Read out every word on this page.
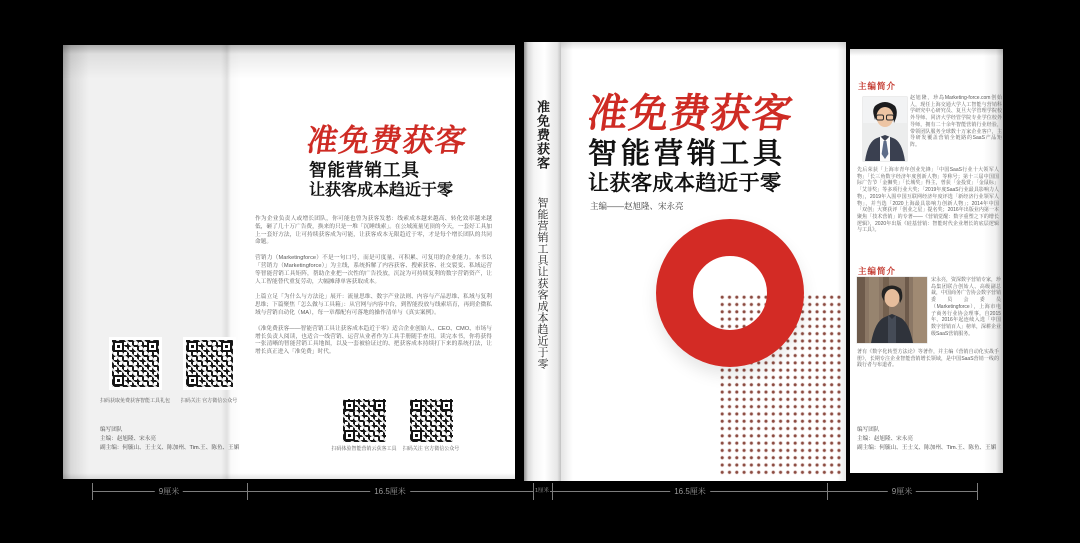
扫码获取免费获客智能工具礼包 扫码关注 官方微信公众号
编写团队
主编：赵旭隆、宋永亮
副主编：何毓山、王士义、陈加州、Tim.王、陈鱼、王媚
准免费获客
智能营销工具
让获客成本趋近于零

作为企业负责人或增长团队，你可能也曾为获客发愁：线索成本越来越高、转化效率越来越低，砸了几十万广告费，换来的只是一堆「沉睡线索」。在公域流量见顶的今天，一套好工具加上一套好方法，让可持续获客成为可能，让获客成本无限趋近于零，才是每个增长团队的共同命题。

营销力（Marketingforce）不是一句口号，而是可度量、可积累、可复用的企业能力。本书以「营销力（Marketingforce）」为主线，系统拆解了内容获客、搜索获客、社交裂变、私域运营等智能营销工具矩阵，帮助企业把一次性的广告投放，沉淀为可持续复利的数字营销资产，让人工智能替代重复劳动，大幅摊薄单客获取成本。

上篇立足「为什么与方法论」展开：流量思维、数字产业法则、内容与产品思维、私域与复利思维；下篇聚焦「怎么做与工具箱」：从官网与内容中台，到智能投放与线索培育，再到企微私域与营销自动化（MA），每一章都配有可落地的操作清单与《真实案例》。

《准免费获客——智能营销工具让获客成本趋近于零》适合企业创始人、CEO、CMO、市场与增长负责人阅读，也适合一线营销、运营从业者作为工具手册随手查用。读完本书，你将获得一张清晰的智能营销工具地图，以及一套被验证过的、把获客成本持续打下来的系统打法，让增长真正进入「准免费」时代。

扫码体验智能营销云获客工具 扫码关注 官方微信公众号
准免费获客 智能营销工具让获客成本趋近于零
准免费获客
智能营销工具
让获客成本趋近于零
主编——赵旭隆、宋永亮
主编简介
赵旭隆，珍岛Marketing-force.com创始人，现任上海交通大学人工智能与营销科学研究中心研究员、复旦大学管理学院校外导师、同济大学经管学院专业学位校外导师，拥有二十余年智能营销行业经验，带领团队服务全球数十万家企业客户，主导研发覆盖营销全链路的SaaS产品矩阵。
先后荣获「上海市青年创业先锋」「中国SaaS行业十大领军人物」「长三角数字经济年度创新人物」等称号；第十三届中国国际广告节「金狮奖」「长城奖」得主，曾获「金投赏」「金鼠标」「艾菲奖」等多项行业大奖；「2019年度SaaS行业最具影响力人物」，2019年入围中国互联网经济年度评选「新经济行业领军人物」，并当选「2020上海最具影响力创新人物」；2014年中国「双创」大赛获评「创业之星」提名奖；2016年出版业内第一本聚焦「技术营销」的专著——《营销觉醒：数字重塑之下的增长逻辑》，2020年出版《硅基营销：智能时代企业增长的底层逻辑与工具》。
主编简介
宋永亮，资深数字营销专家，珍岛集团联合创始人、高级副总裁，中国商务广告协会数字营销委员会委员（Marketingforce），上海市电子商务行业协会理事。自2015年、2016年起连续入选「中国数字营销百人」榜单，深耕企业级SaaS营销服务。
著有《数字化转型方法论》等著作，并主编《营销自动化实战手册》，长期专注企业智能营销增长领域，是中国SaaS营销一线的践行者与布道者。
编写团队
主编：赵旭隆、宋永亮
副主编：何毓山、王士义、陈加州、Tim.王、陈鱼、王媚
9厘米	16.5厘米	1厘米	16.5厘米	9厘米
